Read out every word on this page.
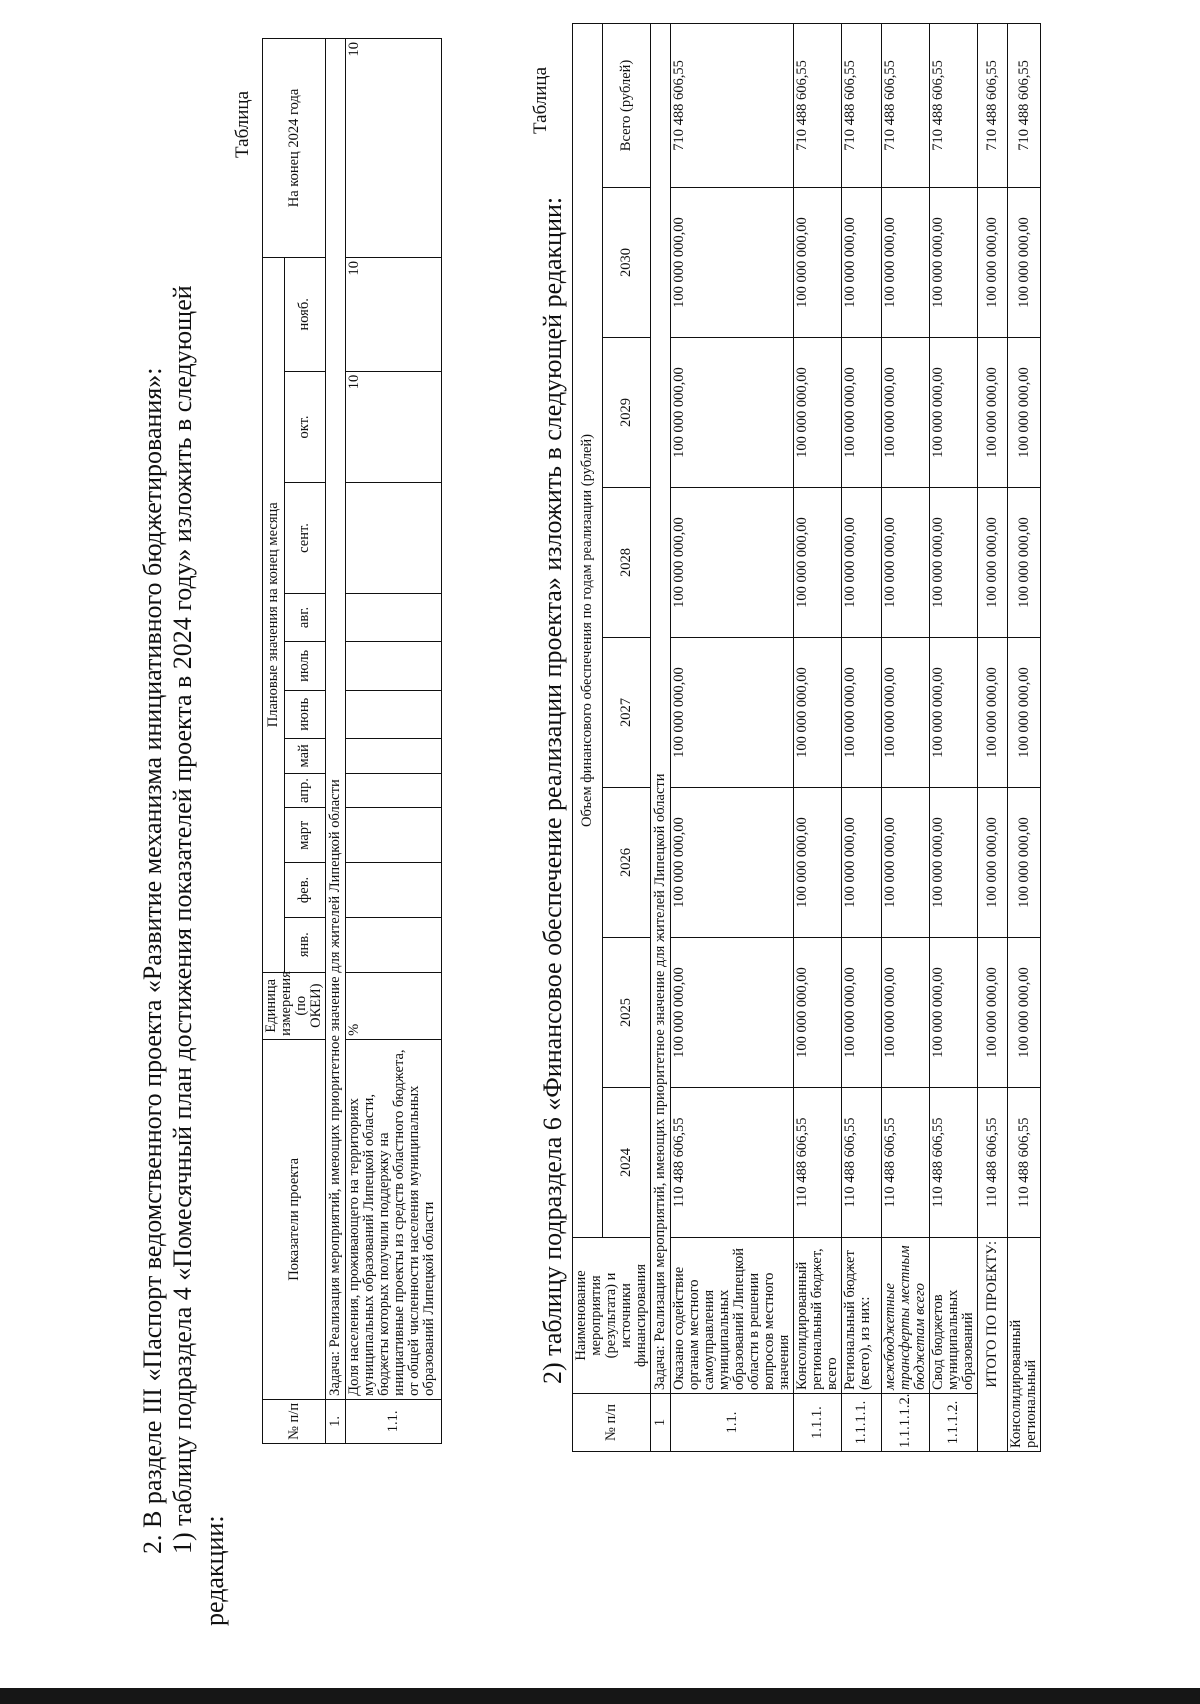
2. В разделе III «Паспорт ведомственного проекта «Развитие механизма инициативного бюджетирования»: 1) таблицу подраздела 4 «Помесячный план достижения показателей проекта в 2024 году» изложить в следующей
редакции:
Таблица
№ п/п	Показатели проекта	Единица измерения (по ОКЕИ)	Плановые значения на конец месяца											На конец 2024 года
			янв.	фев.	март	апр.	май	июнь	июль	авг.	сент.	окт.	нояб.	
1.	Задача: Реализация мероприятий, имеющих приоритетное значение для жителей Липецкой области													
1.1.	Доля населения, проживающего на территориях муниципальных образований Липецкой области, бюджеты которых получили поддержку на инициативные проекты из средств областного бюджета, от общей численности населения муниципальных образований Липецкой области	%										10	10	10
2) таблицу подраздела 6 «Финансовое обеспечение реализации проекта» изложить в следующей редакции:
Таблица
№ п/п	Наименование мероприятия (результата) и источники финансирования	Объем финансового обеспечения по годам реализации (рублей)							
		2024	2025	2026	2027	2028	2029	2030	Всего (рублей)
1	Задача: Реализация мероприятий, имеющих приоритетное значение для жителей Липецкой области								
1.1.	Оказано содействие органам местного самоуправления муниципальных образований Липецкой области в решении вопросов местного значения	110 488 606,55	100 000 000,00	100 000 000,00	100 000 000,00	100 000 000,00	100 000 000,00	100 000 000,00	710 488 606,55
1.1.1.	Консолидированный региональный бюджет, всего	110 488 606,55	100 000 000,00	100 000 000,00	100 000 000,00	100 000 000,00	100 000 000,00	100 000 000,00	710 488 606,55
1.1.1.1.	Региональный бюджет (всего), из них:	110 488 606,55	100 000 000,00	100 000 000,00	100 000 000,00	100 000 000,00	100 000 000,00	100 000 000,00	710 488 606,55
1.1.1.1.2.	межбюджетные трансферты местным бюджетам всего	110 488 606,55	100 000 000,00	100 000 000,00	100 000 000,00	100 000 000,00	100 000 000,00	100 000 000,00	710 488 606,55
1.1.1.2.	Свод бюджетов муниципальных образований	110 488 606,55	100 000 000,00	100 000 000,00	100 000 000,00	100 000 000,00	100 000 000,00	100 000 000,00	710 488 606,55
ИТОГО ПО ПРОЕКТУ:		110 488 606,55	100 000 000,00	100 000 000,00	100 000 000,00	100 000 000,00	100 000 000,00	100 000 000,00	710 488 606,55
Консолидированный региональный		110 488 606,55	100 000 000,00	100 000 000,00	100 000 000,00	100 000 000,00	100 000 000,00	100 000 000,00	710 488 606,55
